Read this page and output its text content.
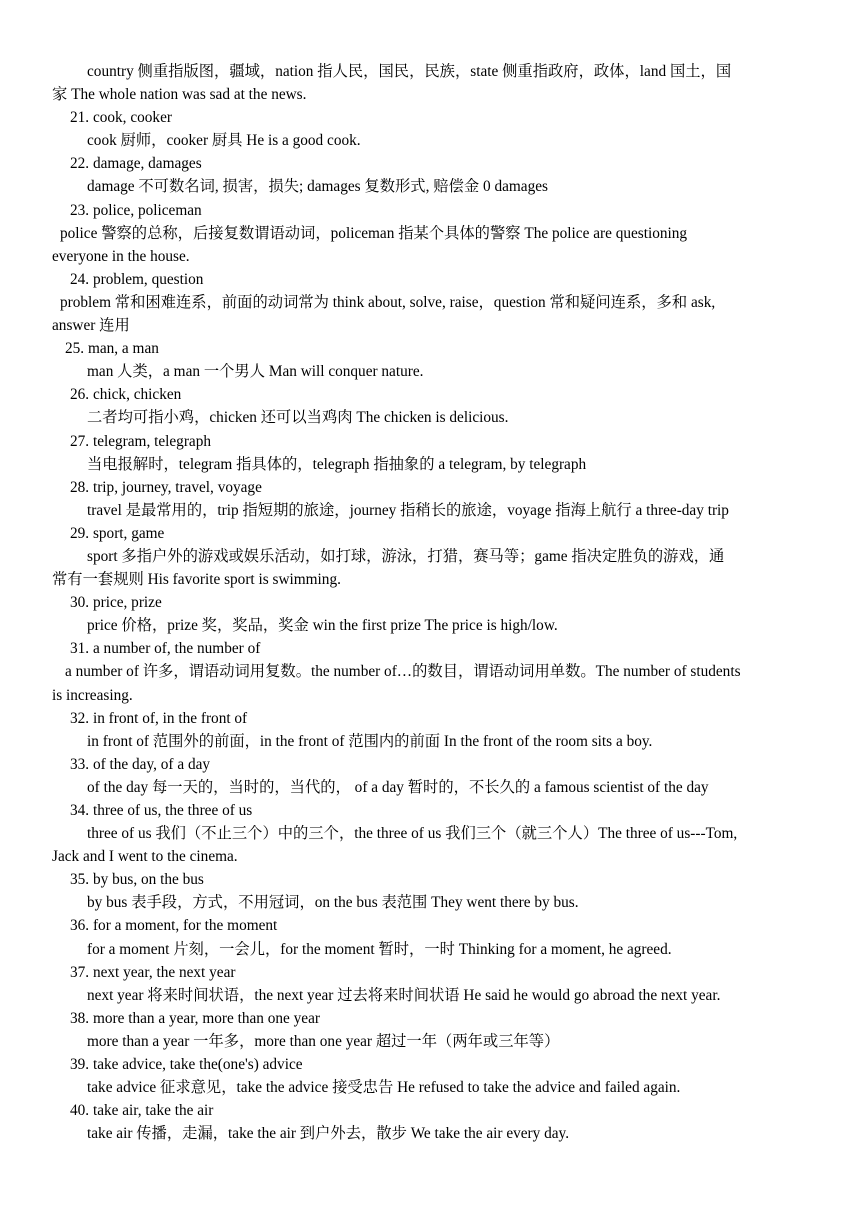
country 侧重指版图，疆域，nation 指人民，国民，民族，state 侧重指政府，政体，land 国土，国
家 The whole nation was sad at the news.
21. cook, cooker
cook 厨师，cooker 厨具 He is a good cook.
22. damage, damages
damage 不可数名词, 损害，损失; damages 复数形式, 赔偿金 0 damages
23. police, policeman
police 警察的总称，后接复数谓语动词，policeman 指某个具体的警察 The police are questioning
everyone in the house.
24. problem, question
problem 常和困难连系，前面的动词常为 think about, solve, raise，question 常和疑问连系，多和 ask,
answer 连用
25. man, a man
man 人类，a man 一个男人 Man will conquer nature.
26. chick, chicken
二者均可指小鸡，chicken 还可以当鸡肉 The chicken is delicious.
27. telegram, telegraph
当电报解时，telegram 指具体的，telegraph 指抽象的 a telegram, by telegraph
28. trip, journey, travel, voyage
travel 是最常用的，trip 指短期的旅途，journey 指稍长的旅途，voyage 指海上航行 a three-day trip
29. sport, game
sport 多指户外的游戏或娱乐活动，如打球，游泳，打猎，赛马等；game 指决定胜负的游戏，通
常有一套规则 His favorite sport is swimming.
30. price, prize
price 价格，prize 奖，奖品，奖金 win the first prize The price is high/low.
31. a number of, the number of
a number of 许多，谓语动词用复数。the number of…的数目，谓语动词用单数。The number of students
is increasing.
32. in front of, in the front of
in front of 范围外的前面，in the front of 范围内的前面 In the front of the room sits a boy.
33. of the day, of a day
of the day 每一天的，当时的，当代的， of a day 暂时的，不长久的 a famous scientist of the day
34. three of us, the three of us
three of us 我们（不止三个）中的三个，the three of us 我们三个（就三个人）The three of us---Tom,
Jack and I went to the cinema.
35. by bus, on the bus
by bus 表手段，方式，不用冠词，on the bus 表范围 They went there by bus.
36. for a moment, for the moment
for a moment 片刻，一会儿，for the moment 暂时，一时 Thinking for a moment, he agreed.
37. next year, the next year
next year 将来时间状语，the next year 过去将来时间状语 He said he would go abroad the next year.
38. more than a year, more than one year
more than a year 一年多，more than one year 超过一年（两年或三年等）
39. take advice, take the(one's) advice
take advice 征求意见，take the advice 接受忠告 He refused to take the advice and failed again.
40. take air, take the air
take air 传播，走漏，take the air 到户外去，散步 We take the air every day.
